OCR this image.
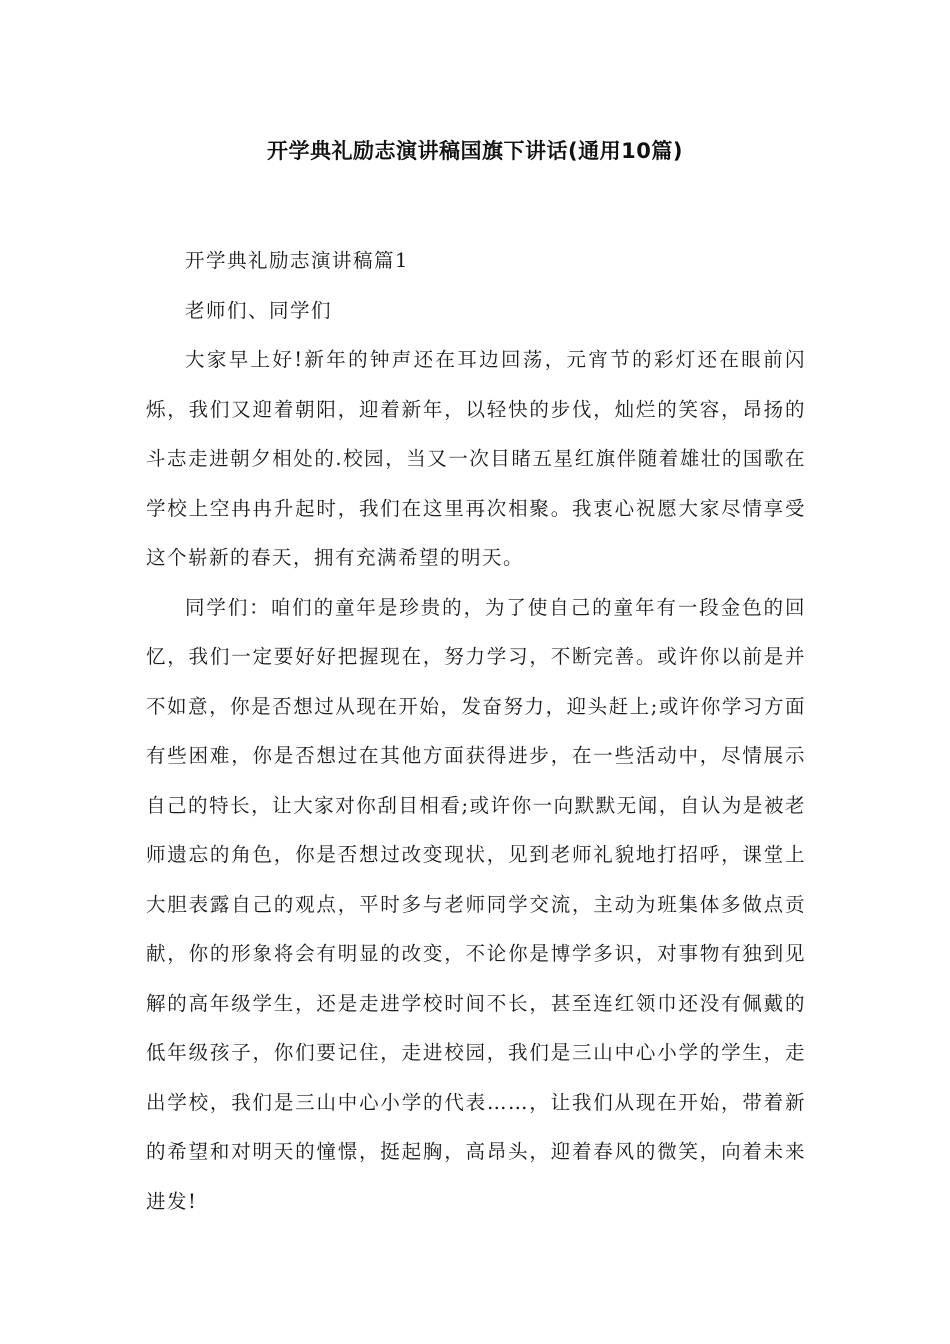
开学典礼励志演讲稿国旗下讲话(通用10篇)

开学典礼励志演讲稿篇1

老师们、同学们

大家早上好!新年的钟声还在耳边回荡，元宵节的彩灯还在眼前闪烁，我们又迎着朝阳，迎着新年，以轻快的步伐，灿烂的笑容，昂扬的斗志走进朝夕相处的.校园，当又一次目睹五星红旗伴随着雄壮的国歌在学校上空冉冉升起时，我们在这里再次相聚。我衷心祝愿大家尽情享受这个崭新的春天，拥有充满希望的明天。

同学们：咱们的童年是珍贵的，为了使自己的童年有一段金色的回忆，我们一定要好好把握现在，努力学习，不断完善。或许你以前是并不如意，你是否想过从现在开始，发奋努力，迎头赶上;或许你学习方面有些困难，你是否想过在其他方面获得进步，在一些活动中，尽情展示自己的特长，让大家对你刮目相看;或许你一向默默无闻，自认为是被老师遗忘的角色，你是否想过改变现状，见到老师礼貌地打招呼，课堂上大胆表露自己的观点，平时多与老师同学交流，主动为班集体多做点贡献，你的形象将会有明显的改变，不论你是博学多识，对事物有独到见解的高年级学生，还是走进学校时间不长，甚至连红领巾还没有佩戴的低年级孩子，你们要记住，走进校园，我们是三山中心小学的学生，走出学校，我们是三山中心小学的代表……，让我们从现在开始，带着新的希望和对明天的憧憬，挺起胸，高昂头，迎着春风的微笑，向着未来进发!
